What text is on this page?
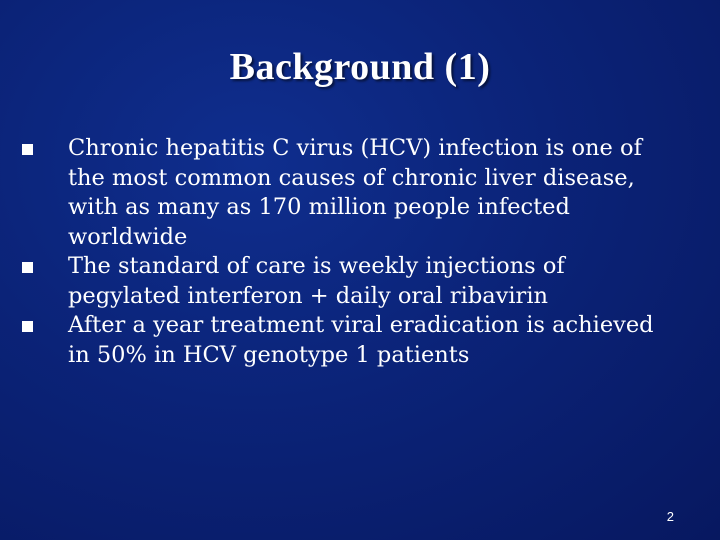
Background (1)
Chronic hepatitis C virus (HCV) infection is one of the most common causes of chronic liver disease, with as many as 170 million people infected worldwide
The standard of care is weekly injections of pegylated interferon + daily oral ribavirin
After a year treatment viral eradication is achieved in 50% in HCV genotype 1 patients
2
